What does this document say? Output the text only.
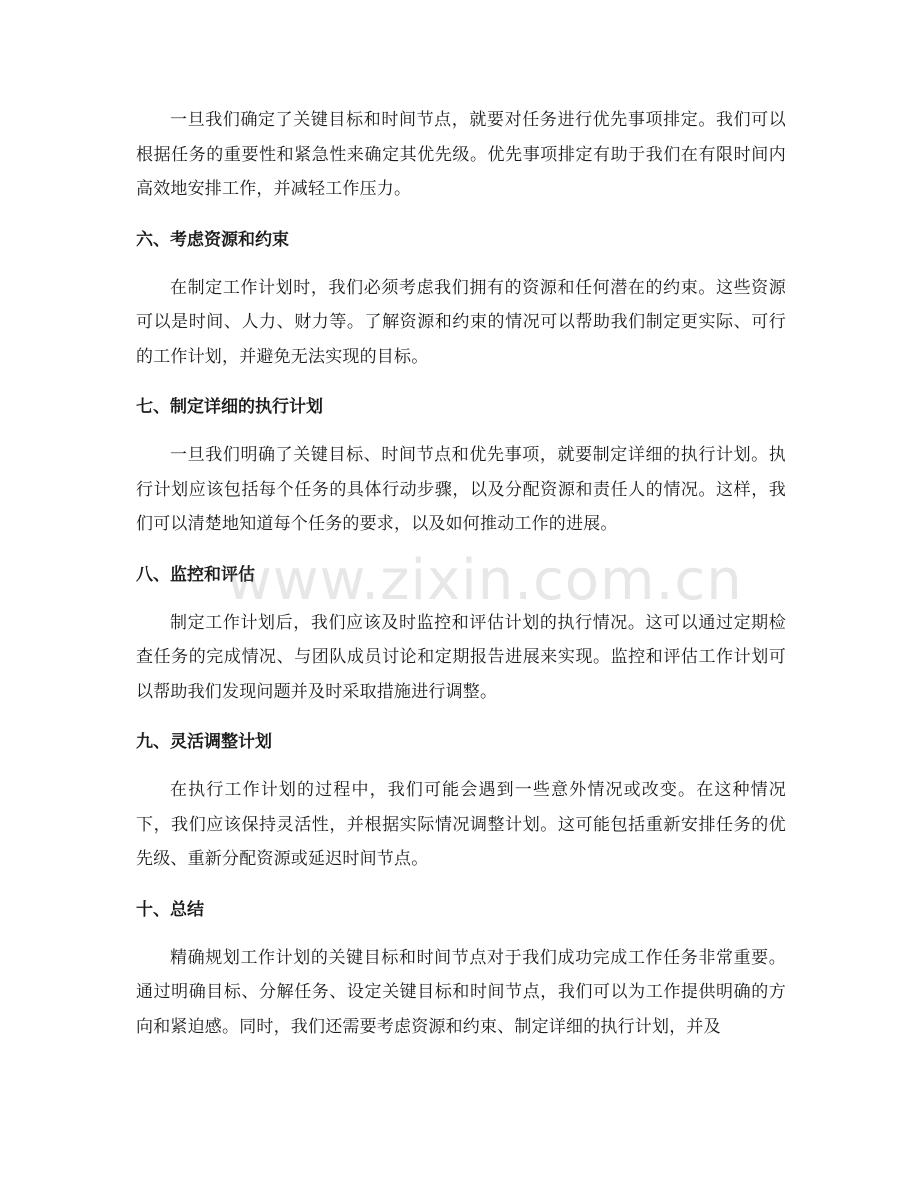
一旦我们确定了关键目标和时间节点，就要对任务进行优先事项排定。我们可以根据任务的重要性和紧急性来确定其优先级。优先事项排定有助于我们在有限时间内高效地安排工作，并减轻工作压力。

六、考虑资源和约束

在制定工作计划时，我们必须考虑我们拥有的资源和任何潜在的约束。这些资源可以是时间、人力、财力等。了解资源和约束的情况可以帮助我们制定更实际、可行的工作计划，并避免无法实现的目标。

七、制定详细的执行计划

一旦我们明确了关键目标、时间节点和优先事项，就要制定详细的执行计划。执行计划应该包括每个任务的具体行动步骤，以及分配资源和责任人的情况。这样，我们可以清楚地知道每个任务的要求，以及如何推动工作的进展。

八、监控和评估

制定工作计划后，我们应该及时监控和评估计划的执行情况。这可以通过定期检查任务的完成情况、与团队成员讨论和定期报告进展来实现。监控和评估工作计划可以帮助我们发现问题并及时采取措施进行调整。

九、灵活调整计划

在执行工作计划的过程中，我们可能会遇到一些意外情况或改变。在这种情况下，我们应该保持灵活性，并根据实际情况调整计划。这可能包括重新安排任务的优先级、重新分配资源或延迟时间节点。

十、总结

精确规划工作计划的关键目标和时间节点对于我们成功完成工作任务非常重要。通过明确目标、分解任务、设定关键目标和时间节点，我们可以为工作提供明确的方向和紧迫感。同时，我们还需要考虑资源和约束、制定详细的执行计划，并及

www.zixin.com.cn
